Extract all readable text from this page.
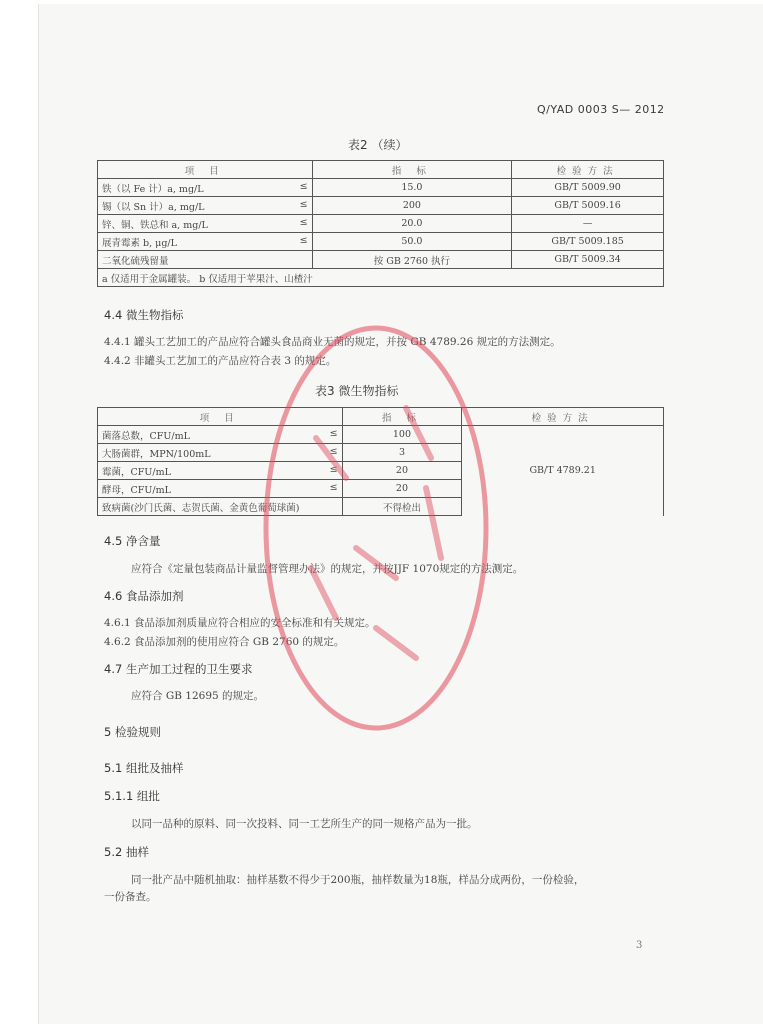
Q/YAD 0003 S— 2012
表2 （续）
项 目	指 标	检验方法
铁（以 Fe 计）a, mg/L ≤	15.0	GB/T 5009.90
锡（以 Sn 计）a, mg/L ≤	200	GB/T 5009.16
锌、铜、铁总和 a, mg/L ≤	20.0	—
展青霉素 b, μg/L ≤	50.0	GB/T 5009.185
二氧化硫残留量	按 GB 2760 执行	GB/T 5009.34
a 仅适用于金属罐装。 b 仅适用于苹果汁、山楂汁		
4.4 微生物指标
4.4.1 罐头工艺加工的产品应符合罐头食品商业无菌的规定，并按 GB 4789.26 规定的方法测定。
4.4.2 非罐头工艺加工的产品应符合表 3 的规定。
表3 微生物指标
项 目	指 标	检验方法
菌落总数，CFU/mL ≤	100	GB/T 4789.21
大肠菌群，MPN/100mL ≤	3	
霉菌，CFU/mL ≤	20	
酵母，CFU/mL ≤	20	
致病菌(沙门氏菌、志贺氏菌、金黄色葡萄球菌)	不得检出	
4.5 净含量
应符合《定量包装商品计量监督管理办法》的规定，并按JJF 1070规定的方法测定。
4.6 食品添加剂
4.6.1 食品添加剂质量应符合相应的安全标准和有关规定。
4.6.2 食品添加剂的使用应符合 GB 2760 的规定。
4.7 生产加工过程的卫生要求
应符合 GB 12695 的规定。
5 检验规则
5.1 组批及抽样
5.1.1 组批
以同一品种的原料、同一次投料、同一工艺所生产的同一规格产品为一批。
5.2 抽样
同一批产品中随机抽取：抽样基数不得少于200瓶，抽样数量为18瓶，样品分成两份，一份检验，
一份备查。
3
